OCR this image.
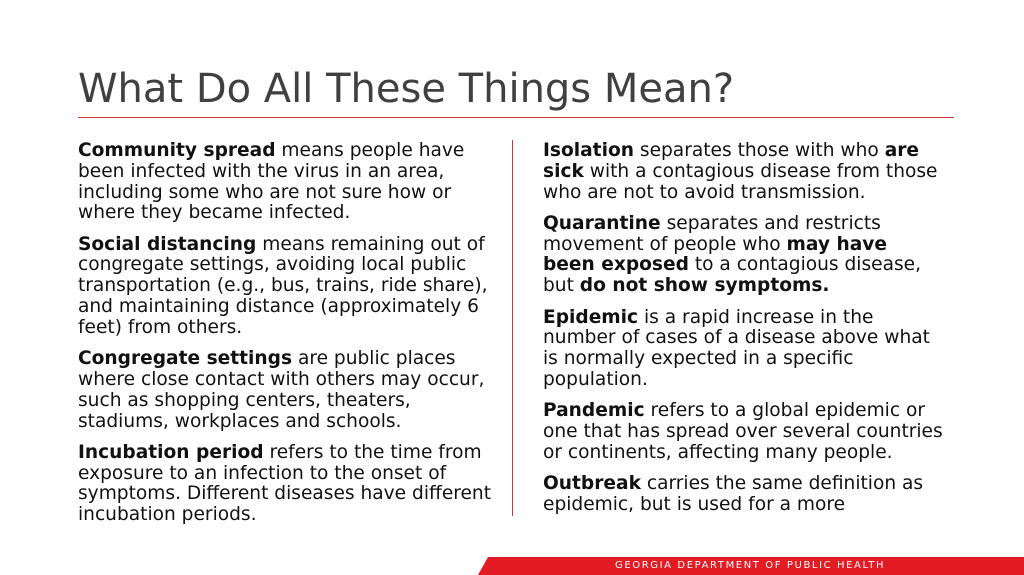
What Do All These Things Mean?

Community spread means people have been infected with the virus in an area, including some who are not sure how or where they became infected.

Social distancing means remaining out of congregate settings, avoiding local public transportation (e.g., bus, trains, ride share), and maintaining distance (approximately 6 feet) from others.

Congregate settings are public places where close contact with others may occur, such as shopping centers, theaters, stadiums, workplaces and schools.

Incubation period refers to the time from exposure to an infection to the onset of symptoms. Different diseases have different incubation periods.

Isolation separates those with who are sick with a contagious disease from those who are not to avoid transmission.

Quarantine separates and restricts movement of people who may have been exposed to a contagious disease, but do not show symptoms.

Epidemic is a rapid increase in the number of cases of a disease above what is normally expected in a specific population.

Pandemic refers to a global epidemic or one that has spread over several countries or continents, affecting many people.

Outbreak carries the same definition as epidemic, but is used for a more

GEORGIA DEPARTMENT OF PUBLIC HEALTH
